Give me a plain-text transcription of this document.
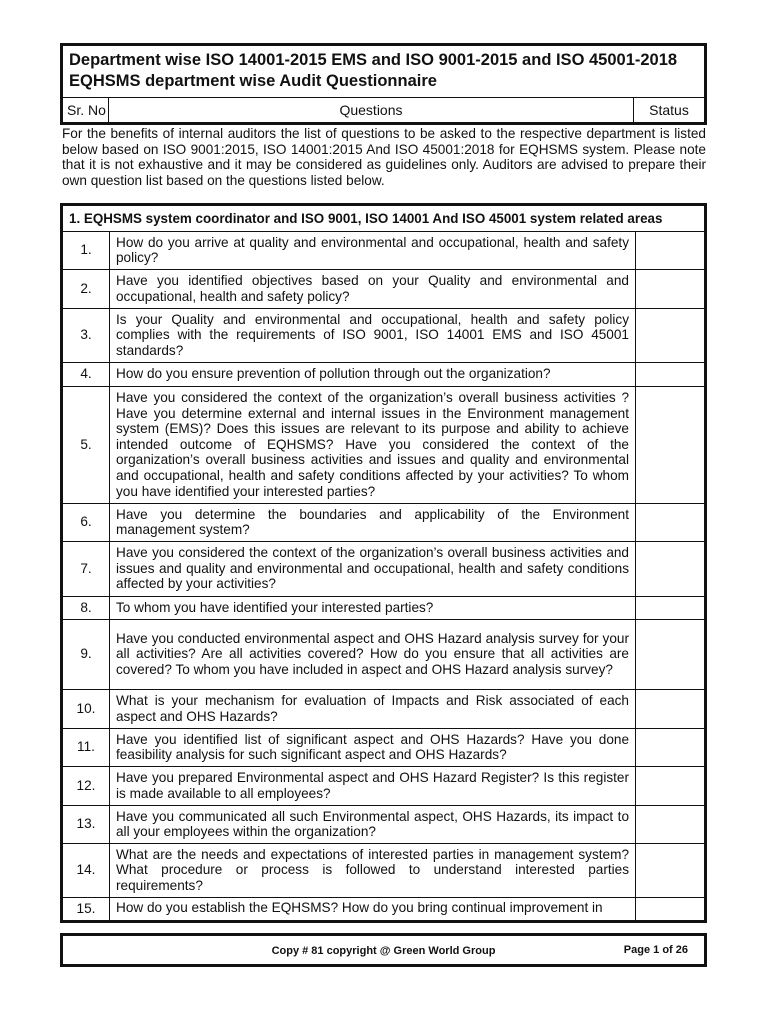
Department wise ISO 14001-2015 EMS and ISO 9001-2015 and ISO 45001-2018 EQHSMS department wise Audit Questionnaire
Sr. No	Questions	Status

For the benefits of internal auditors the list of questions to be asked to the respective department is listed below based on ISO 9001:2015, ISO 14001:2015 And ISO 45001:2018 for EQHSMS system. Please note that it is not exhaustive and it may be considered as guidelines only. Auditors are advised to prepare their own question list based on the questions listed below.

1. EQHSMS system coordinator and ISO 9001, ISO 14001 And ISO 45001 system related areas		
1.	How do you arrive at quality and environmental and occupational, health and safety policy?	
2.	Have you identified objectives based on your Quality and environmental and occupational, health and safety policy?	
3.	Is your Quality and environmental and occupational, health and safety policy complies with the requirements of ISO 9001, ISO 14001 EMS and ISO 45001 standards?	
4.	How do you ensure prevention of pollution through out the organization?	
5.	Have you considered the context of the organization’s overall business activities ? Have you determine external and internal issues in the Environment management system (EMS)? Does this issues are relevant to its purpose and ability to achieve intended outcome of EQHSMS? Have you considered the context of the organization’s overall business activities and issues and quality and environmental and occupational, health and safety conditions affected by your activities? To whom you have identified your interested parties?	
6.	Have you determine the boundaries and applicability of the Environment management system?	
7.	Have you considered the context of the organization’s overall business activities and issues and quality and environmental and occupational, health and safety conditions affected by your activities?	
8.	To whom you have identified your interested parties?	
9.	Have you conducted environmental aspect and OHS Hazard analysis survey for your all activities? Are all activities covered? How do you ensure that all activities are covered? To whom you have included in aspect and OHS Hazard analysis survey?	
10.	What is your mechanism for evaluation of Impacts and Risk associated of each aspect and OHS Hazards?	
11.	Have you identified list of significant aspect and OHS Hazards? Have you done feasibility analysis for such significant aspect and OHS Hazards?	
12.	Have you prepared Environmental aspect and OHS Hazard Register? Is this register is made available to all employees?	
13.	Have you communicated all such Environmental aspect, OHS Hazards, its impact to all your employees within the organization?	
14.	What are the needs and expectations of interested parties in management system? What procedure or process is followed to understand interested parties requirements?	
15.	How do you establish the EQHSMS? How do you bring continual improvement in	
Copy # 81 copyright @ Green World Group	Page 1 of 26
